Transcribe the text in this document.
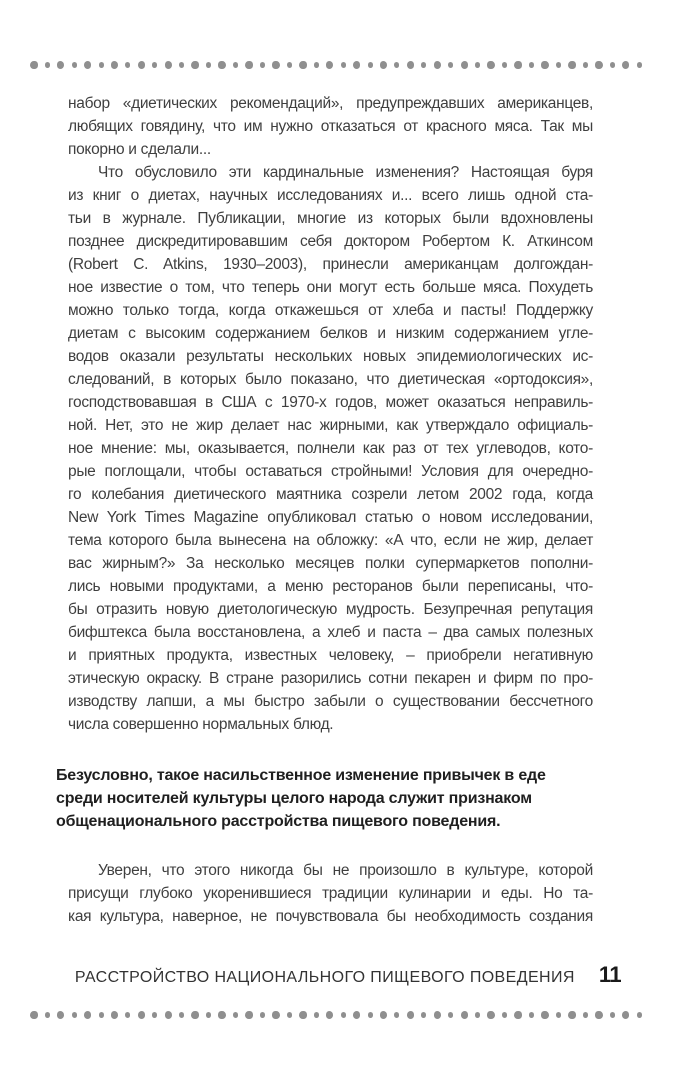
набор «диетических рекомендаций», предупреждавших американцев,
любящих говядину, что им нужно отказаться от красного мяса. Так мы
покорно и сделали...
Что обусловило эти кардинальные изменения? Настоящая буря
из книг о диетах, научных исследованиях и... всего лишь одной ста-
тьи в журнале. Публикации, многие из которых были вдохновлены
позднее дискредитировавшим себя доктором Робертом К. Аткинсом
(Robert C. Atkins, 1930–2003), принесли американцам долгождан-
ное известие о том, что теперь они могут есть больше мяса. Похудеть
можно только тогда, когда откажешься от хлеба и пасты! Поддержку
диетам с высоким содержанием белков и низким содержанием угле-
водов оказали результаты нескольких новых эпидемиологических ис-
следований, в которых было показано, что диетическая «ортодоксия»,
господствовавшая в США с 1970-х годов, может оказаться неправиль-
ной. Нет, это не жир делает нас жирными, как утверждало официаль-
ное мнение: мы, оказывается, полнели как раз от тех углеводов, кото-
рые поглощали, чтобы оставаться стройными! Условия для очередно-
го колебания диетического маятника созрели летом 2002 года, когда
New York Times Magazine опубликовал статью о новом исследовании,
тема которого была вынесена на обложку: «А что, если не жир, делает
вас жирным?» За несколько месяцев полки супермаркетов пополни-
лись новыми продуктами, а меню ресторанов были переписаны, что-
бы отразить новую диетологическую мудрость. Безупречная репутация
бифштекса была восстановлена, а хлеб и паста – два самых полезных
и приятных продукта, известных человеку, – приобрели негативную
этическую окраску. В стране разорились сотни пекарен и фирм по про-
изводству лапши, а мы быстро забыли о существовании бессчетного
числа совершенно нормальных блюд.
Безусловно, такое насильственное изменение привычек в еде
среди носителей культуры целого народа служит признаком
общенационального расстройства пищевого поведения.
Уверен, что этого никогда бы не произошло в культуре, которой
присущи глубоко укоренившиеся традиции кулинарии и еды. Но та-
кая культура, наверное, не почувствовала бы необходимость создания
РАССТРОЙСТВО НАЦИОНАЛЬНОГО ПИЩЕВОГО ПОВЕДЕНИЯ 11
